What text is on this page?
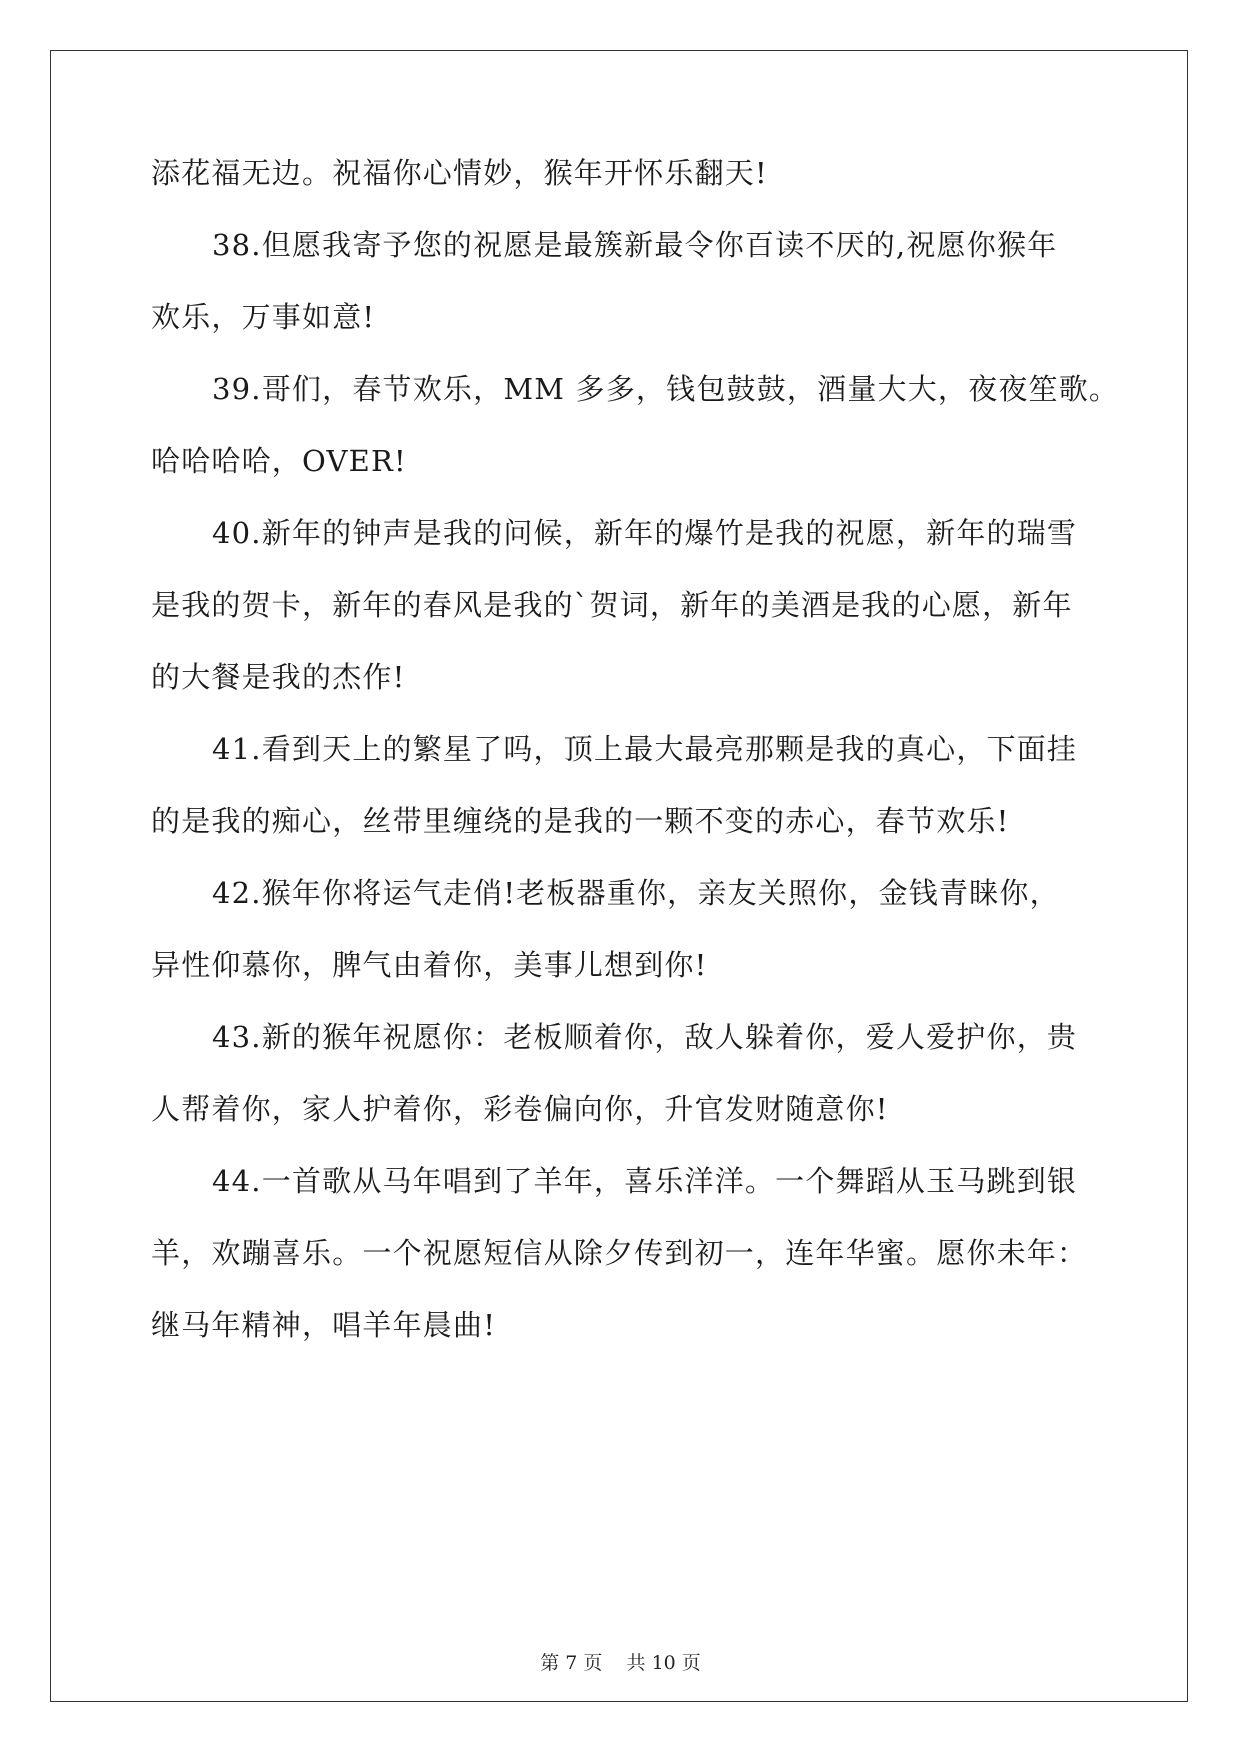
添花福无边。祝福你心情妙，猴年开怀乐翻天!
38.但愿我寄予您的祝愿是最簇新最令你百读不厌的,祝愿你猴年
欢乐，万事如意!
39.哥们，春节欢乐，MM 多多，钱包鼓鼓，酒量大大，夜夜笙歌。
哈哈哈哈，OVER!
40.新年的钟声是我的问候，新年的爆竹是我的祝愿，新年的瑞雪
是我的贺卡，新年的春风是我的`贺词，新年的美酒是我的心愿，新年
的大餐是我的杰作!
41.看到天上的繁星了吗，顶上最大最亮那颗是我的真心，下面挂
的是我的痴心，丝带里缠绕的是我的一颗不变的赤心，春节欢乐!
42.猴年你将运气走俏!老板器重你，亲友关照你，金钱青睐你，
异性仰慕你，脾气由着你，美事儿想到你!
43.新的猴年祝愿你：老板顺着你，敌人躲着你，爱人爱护你，贵
人帮着你，家人护着你，彩卷偏向你，升官发财随意你!
44.一首歌从马年唱到了羊年，喜乐洋洋。一个舞蹈从玉马跳到银
羊，欢蹦喜乐。一个祝愿短信从除夕传到初一，连年华蜜。愿你未年：
继马年精神，唱羊年晨曲!
第 7 页 共 10 页
